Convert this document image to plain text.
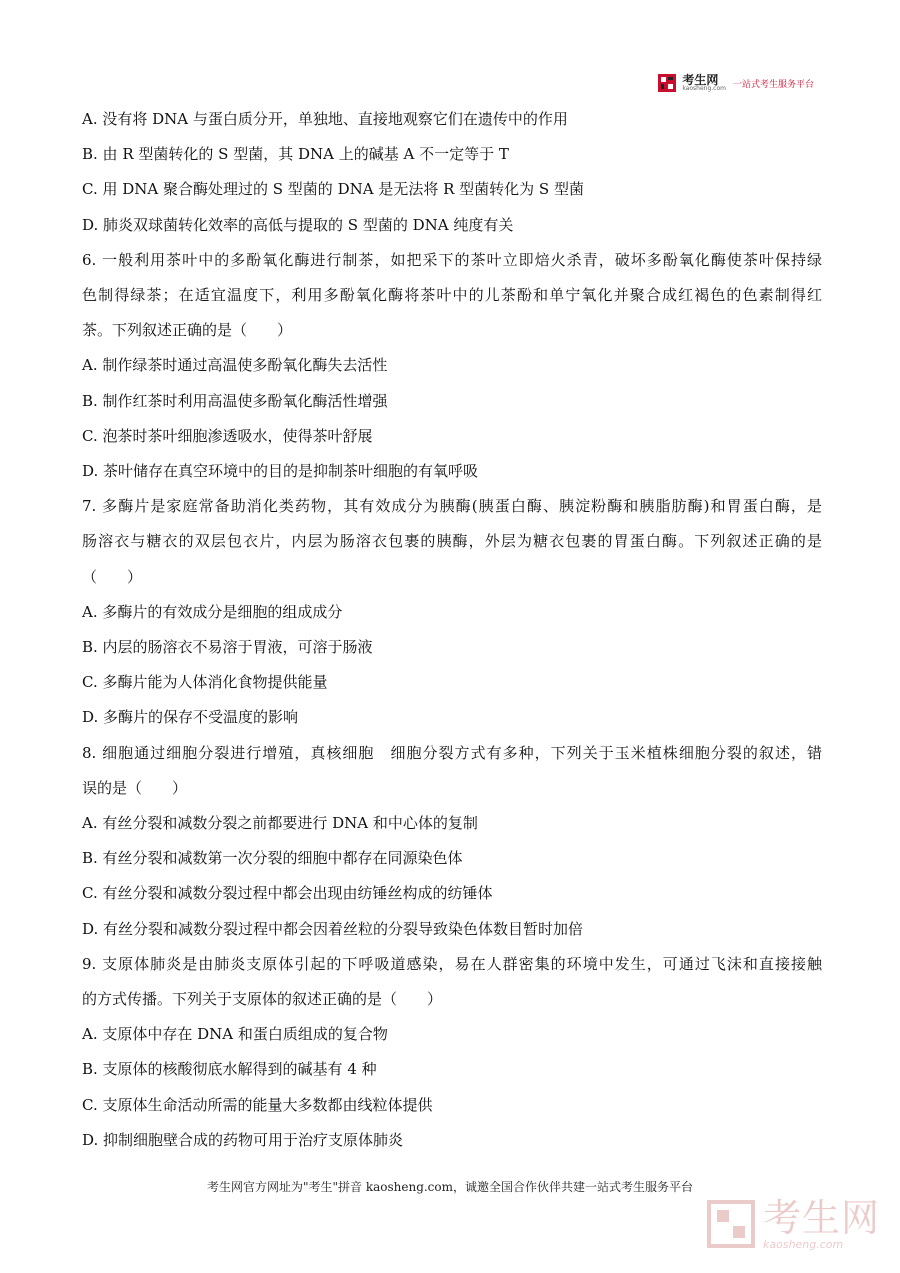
考生网
kaosheng.com 一站式考生服务平台
A. 没有将 DNA 与蛋白质分开，单独地、直接地观察它们在遗传中的作用
B. 由 R 型菌转化的 S 型菌，其 DNA 上的碱基 A 不一定等于 T
C. 用 DNA 聚合酶处理过的 S 型菌的 DNA 是无法将 R 型菌转化为 S 型菌
D. 肺炎双球菌转化效率的高低与提取的 S 型菌的 DNA 纯度有关
6. 一般利用茶叶中的多酚氧化酶进行制茶，如把采下的茶叶立即焙火杀青，破坏多酚氧化酶使茶叶保持绿
色制得绿茶；在适宜温度下，利用多酚氧化酶将茶叶中的儿茶酚和单宁氧化并聚合成红褐色的色素制得红
茶。下列叙述正确的是（　　）
A. 制作绿茶时通过高温使多酚氧化酶失去活性
B. 制作红茶时利用高温使多酚氧化酶活性增强
C. 泡茶时茶叶细胞渗透吸水，使得茶叶舒展
D. 茶叶储存在真空环境中的目的是抑制茶叶细胞的有氧呼吸
7. 多酶片是家庭常备助消化类药物，其有效成分为胰酶(胰蛋白酶、胰淀粉酶和胰脂肪酶)和胃蛋白酶，是
肠溶衣与糖衣的双层包衣片，内层为肠溶衣包裹的胰酶，外层为糖衣包裹的胃蛋白酶。下列叙述正确的是
（　　）
A. 多酶片的有效成分是细胞的组成成分
B. 内层的肠溶衣不易溶于胃液，可溶于肠液
C. 多酶片能为人体消化食物提供能量
D. 多酶片的保存不受温度的影响
8. 细胞通过细胞分裂进行增殖，真核细胞　细胞分裂方式有多种，下列关于玉米植株细胞分裂的叙述，错
误的是（　　）
A. 有丝分裂和减数分裂之前都要进行 DNA 和中心体的复制
B. 有丝分裂和减数第一次分裂的细胞中都存在同源染色体
C. 有丝分裂和减数分裂过程中都会出现由纺锤丝构成的纺锤体
D. 有丝分裂和减数分裂过程中都会因着丝粒的分裂导致染色体数目暂时加倍
9. 支原体肺炎是由肺炎支原体引起的下呼吸道感染，易在人群密集的环境中发生，可通过飞沫和直接接触
的方式传播。下列关于支原体的叙述正确的是（　　）
A. 支原体中存在 DNA 和蛋白质组成的复合物
B. 支原体的核酸彻底水解得到的碱基有 4 种
C. 支原体生命活动所需的能量大多数都由线粒体提供
D. 抑制细胞壁合成的药物可用于治疗支原体肺炎
考生网官方网址为"考生"拼音 kaosheng.com，诚邀全国合作伙伴共建一站式考生服务平台
考生网
kaosheng.com
